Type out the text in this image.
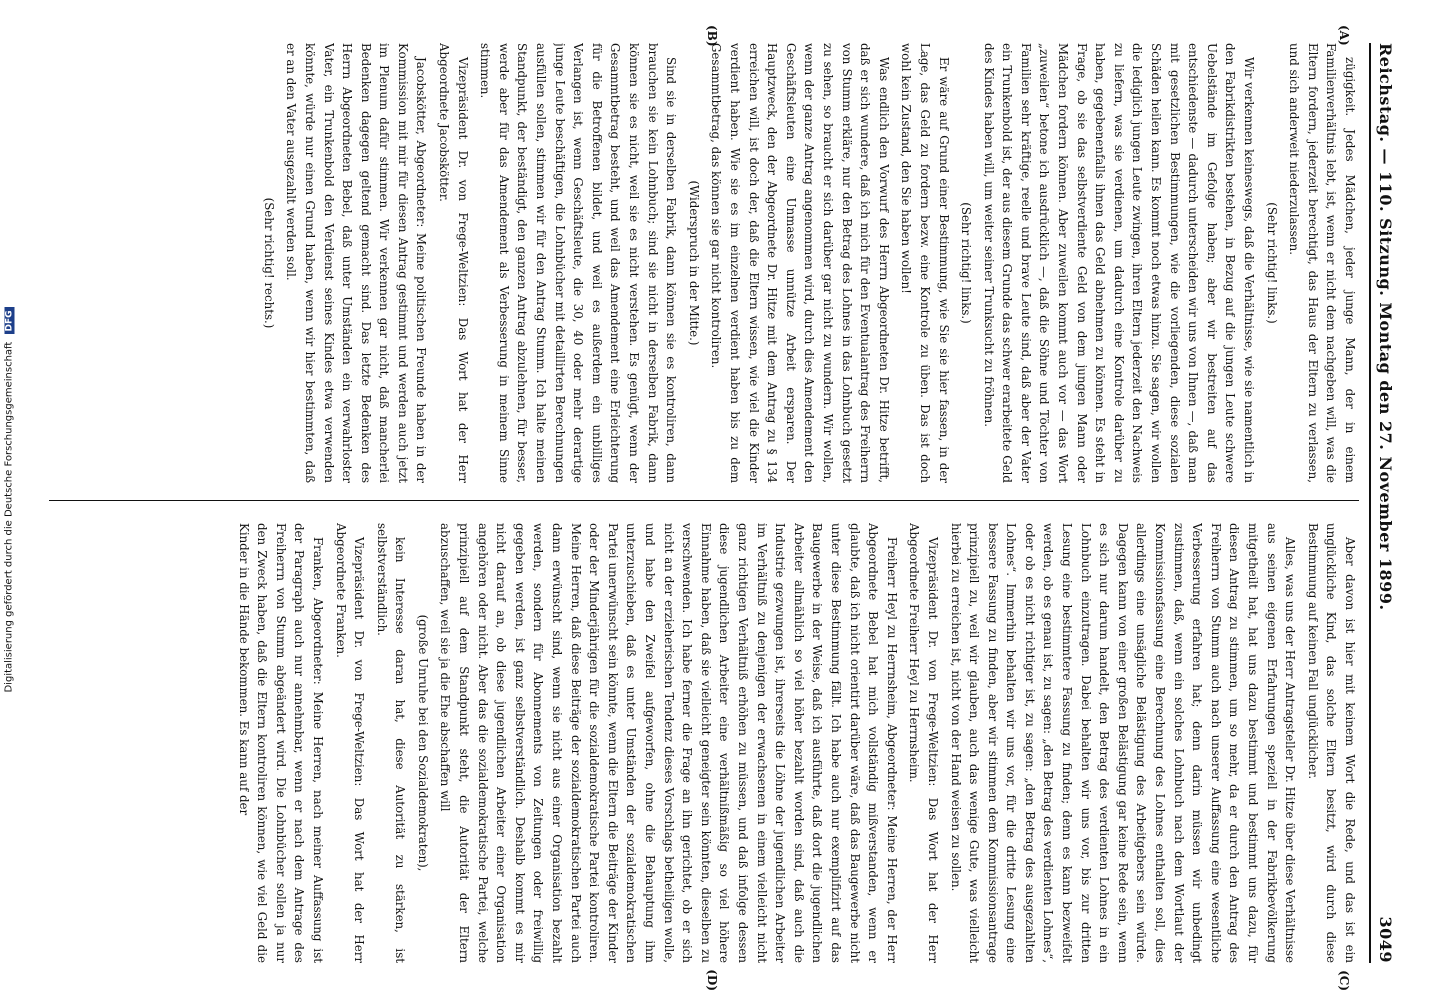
Digitalisierung gefördert durch die Deutsche Forschungsgemeinschaft DFG	Reichstag. — 110. Sitzung. Montag den 27. November 1899.
3049
(A)
(B)
(C)
(D)

zügigkeit. Jedes Mädchen, jeder junge Mann, der in einem Familienverhältnis lebt, ist, wenn er nicht dem nachgeben will, was die Eltern fordern, jederzeit berechtigt, das Haus der Eltern zu verlassen, und sich anderweit niederzulassen.

(Sehr richtig! links.)

Wir verkennen keineswegs, daß die Verhältnisse, wie sie namentlich in den Fabrikdistrikten bestehen, in Bezug auf die jungen Leute schwere Uebelstände im Gefolge haben; aber wir bestreiten auf das entschiedenste — dadurch unterscheiden wir uns von Ihnen —, daß man mit gesetzlichen Bestimmungen, wie die vorliegenden, diese sozialen Schäden heilen kann. Es kommt noch etwas hinzu. Sie sagen, wir wollen die lediglich jungen Leute zwingen, ihren Eltern jederzeit den Nachweis zu liefern, was sie verdienen, um dadurch eine Kontrole darüber zu haben, gegebenenfalls ihnen das Geld abnehmen zu können. Es steht in Frage, ob sie das selbstverdiente Geld von dem jungen Mann oder Mädchen fordern können. Aber zuweilen kommt auch vor — das Wort „zuweilen“ betone ich ausdrücklich —, daß die Söhne und Töchter von Familien sehr kräftige, reelle und brave Leute sind, daß aber der Vater ein Trunkenbold ist, der aus diesem Grunde das schwer erarbeitete Geld des Kindes haben will, um weiter seiner Trunksucht zu fröhnen.

(Sehr richtig! links.)

Er wäre auf Grund einer Bestimmung, wie Sie sie hier fassen, in der Lage, das Geld zu fordern bezw. eine Kontrole zu üben. Das ist doch wohl kein Zustand, den Sie haben wollen!

Was endlich den Vorwurf des Herrn Abgeordneten Dr. Hitze betrifft, daß er sich wundere, daß ich mich für den Eventualantrag des Freiherrn von Stumm erkläre, nur den Betrag des Lohnes in das Lohnbuch gesetzt zu sehen, so braucht er sich darüber gar nicht zu wundern. Wir wollen, wenn der ganze Antrag angenommen wird, durch dies Amendement den Geschäftsleuten eine Unmasse unnütze Arbeit ersparen. Der Hauptzweck, den der Abgeordnete Dr. Hitze mit dem Antrag zu § 134 erreichen will, ist doch der, daß die Eltern wissen, wie viel die Kinder verdient haben. Wie sie es im einzelnen verdient haben bis zu dem Gesammtbetrag, das können sie gar nicht kontroliren.

(Widerspruch in der Mitte.)

Sind sie in derselben Fabrik, dann können sie es kontroliren, dann brauchen sie kein Lohnbuch; sind sie nicht in derselben Fabrik, dann können sie es nicht, weil sie es nicht verstehen. Es genügt, wenn der Gesammtbetrag besteht, und weil das Amendement eine Erleichterung für die Betroffenen bildet, und weil es außerdem ein unbilliges Verlangen ist, wenn Geschäftsleute, die 30, 40 oder mehr derartige junge Leute beschäftigen, die Lohnbücher mit detaillirten Berechnungen ausfüllen sollen, stimmen wir für den Antrag Stumm. Ich halte meinen Standpunkt, der beständigt, den ganzen Antrag abzulehnen, für besser, werde aber für das Amendement als Verbesserung in meinem Sinne stimmen.

Vizepräsident Dr. von Frege-Weltzien: Das Wort hat der Herr Abgeordnete Jacobskötter.

Jacobskötter, Abgeordneter: Meine politischen Freunde haben in der Kommission mit mir für diesen Antrag gestimmt und werden auch jetzt im Plenum dafür stimmen. Wir verkennen gar nicht, daß mancherlei Bedenken dagegen geltend gemacht sind. Das letzte Bedenken des Herrn Abgeordneten Bebel, daß unter Umständen ein verwahrloster Vater, ein Trunkenbold den Verdienst seines Kindes etwa verwenden könnte, würde nur einen Grund haben, wenn wir hier bestimmten, daß er an den Vater ausgezahlt werden soll.

(Sehr richtig! rechts.)

Aber davon ist hier mit keinem Wort die Rede, und das ist ein unglückliche Kind, das solche Eltern besitzt, wird durch diese Bestimmung auf keinen Fall unglücklicher.

Alles, was uns der Herr Antragsteller Dr. Hitze über diese Verhältnisse aus seinen eigenen Erfahrungen speziell in der Fabrikbevölkerung mitgetheilt hat, hat uns dazu bestimmt und bestimmt uns dazu, für diesen Antrag zu stimmen, um so mehr, da er durch den Antrag des Freiherrn von Stumm auch nach unserer Auffassung eine wesentliche Verbesserung erfahren hat; denn darin müssen wir unbedingt zustimmen, daß, wenn ein solches Lohnbuch nach dem Wortlaut der Kommissionsfassung eine Berechnung des Lohnes enthalten soll, dies allerdings eine unsägliche Belästigung des Arbeitgebers sein würde. Dagegen kann von einer großen Belästigung gar keine Rede sein, wenn es sich nur darum handelt, den Betrag des verdienten Lohnes in ein Lohnbuch einzutragen. Dabei behalten wir uns vor, bis zur dritten Lesung eine bestimmtere Fassung zu finden; denn es kann bezweifelt werden, ob es genau ist, zu sagen: „den Betrag des verdienten Lohnes“, oder ob es nicht richtiger ist, zu sagen: „den Betrag des ausgezahlten Lohnes“. Immerhin behalten wir uns vor, für die dritte Lesung eine bessere Fassung zu finden, aber wir stimmen dem Kommissionsantrage prinzipiell zu, weil wir glauben, auch das wenige Gute, was vielleicht hierbei zu erreichen ist, nicht von der Hand weisen zu sollen.

Vizepräsident Dr. von Frege-Weltzien: Das Wort hat der Herr Abgeordnete Freiherr Heyl zu Herrnsheim.

Freiherr Heyl zu Herrnsheim, Abgeordneter: Meine Herren, der Herr Abgeordnete Bebel hat mich vollständig mißverstanden, wenn er glaubte, daß ich nicht orientirt darüber wäre, daß das Baugewerbe nicht unter diese Bestimmung fällt. Ich habe auch nur exemplifizirt auf das Baugewerbe in der Weise, daß ich ausführte, daß dort die jugendlichen Arbeiter allmählich so viel höher bezahlt worden sind, daß auch die Industrie gezwungen ist, ihrerseits die Löhne der jugendlichen Arbeiter im Verhältniß zu denjenigen der erwachsenen in einem vielleicht nicht ganz richtigen Verhältniß erhöhen zu müssen, und daß infolge dessen diese jugendlichen Arbeiter eine verhältnißmäßig so viel höhere Einnahme haben, daß sie vielleicht geneigter sein könnten, dieselben zu verschwenden. Ich habe ferner die Frage an ihn gerichtet, ob er sich nicht an der erzieherischen Tendenz dieses Vorschlags betheiligen wolle, und habe den Zweifel aufgeworfen, ohne die Behauptung ihm unterzuschieben, daß es unter Umständen der sozialdemokratischen Partei unerwünscht sein könnte, wenn die Eltern die Beiträge der Kinder oder der Minderjährigen für die sozialdemokratische Partei kontroliren. Meine Herren, daß diese Beiträge der sozialdemokratischen Partei auch dann erwünscht sind, wenn sie nicht aus einer Organisation bezahlt werden, sondern für Abonnements von Zeitungen oder freiwillig gegeben werden, ist ganz selbstverständlich. Deshalb kommt es mir nicht darauf an, ob diese jugendlichen Arbeiter einer Organisation angehören oder nicht. Aber das die sozialdemokratische Partei, welche prinzipiell auf dem Standpunkt steht, die Autorität der Eltern abzuschaffen, weil sie ja die Ehe abschaffen will

(große Unruhe bei den Sozialdemokraten),

kein Interesse daran hat, diese Autorität zu stärken, ist selbstverständlich.

Vizepräsident Dr. von Frege-Weltzien: Das Wort hat der Herr Abgeordnete Franken.

Franken, Abgeordneter: Meine Herren, nach meiner Auffassung ist der Paragraph auch nur annehmbar, wenn er nach dem Antrage des Freiherrn von Stumm abgeändert wird. Die Lohnbücher sollen ja nur den Zweck haben, daß die Eltern kontroliren können, wie viel Geld die Kinder in die Hände bekommen. Es kann auf der
